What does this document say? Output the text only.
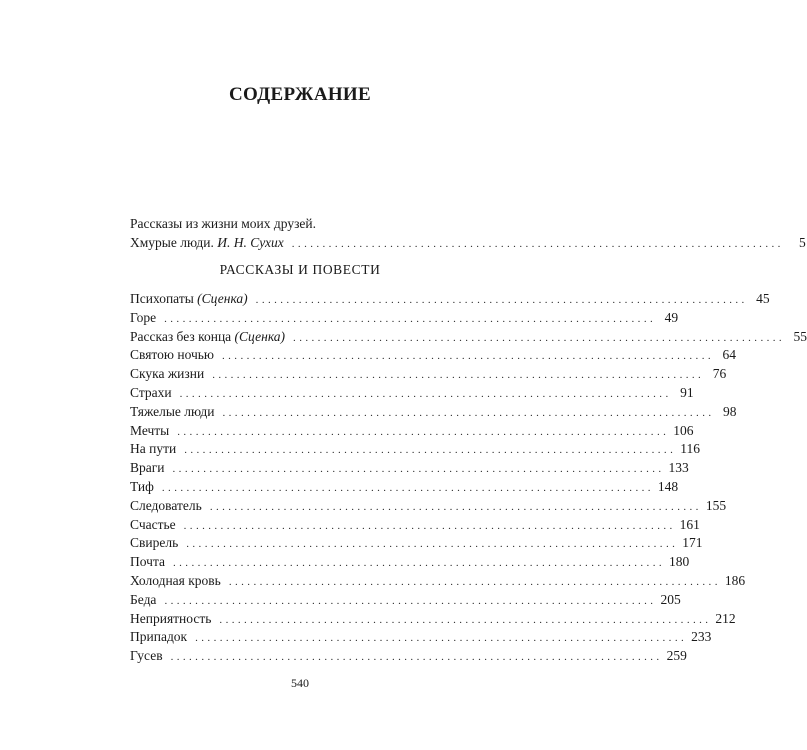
СОДЕРЖАНИЕ
Рассказы из жизни моих друзей.
Хмурые люди. И. Н. Сухих ................................................................................	5
РАССКАЗЫ И ПОВЕСТИ
Психопаты (Сценка) ................................................................................ 45
Горе ................................................................................ 49
Рассказ без конца (Сценка) ................................................................................ 55
Святою ночью ................................................................................ 64
Скука жизни ................................................................................ 76
Страхи ................................................................................ 91
Тяжелые люди ................................................................................ 98
Мечты ................................................................................ 106
На пути ................................................................................ 116
Враги ................................................................................ 133
Тиф ................................................................................ 148
Следователь ................................................................................ 155
Счастье ................................................................................ 161
Свирель ................................................................................ 171
Почта ................................................................................ 180
Холодная кровь ................................................................................ 186
Беда ................................................................................ 205
Неприятность ................................................................................ 212
Припадок ................................................................................ 233
Гусев ................................................................................ 259
540
